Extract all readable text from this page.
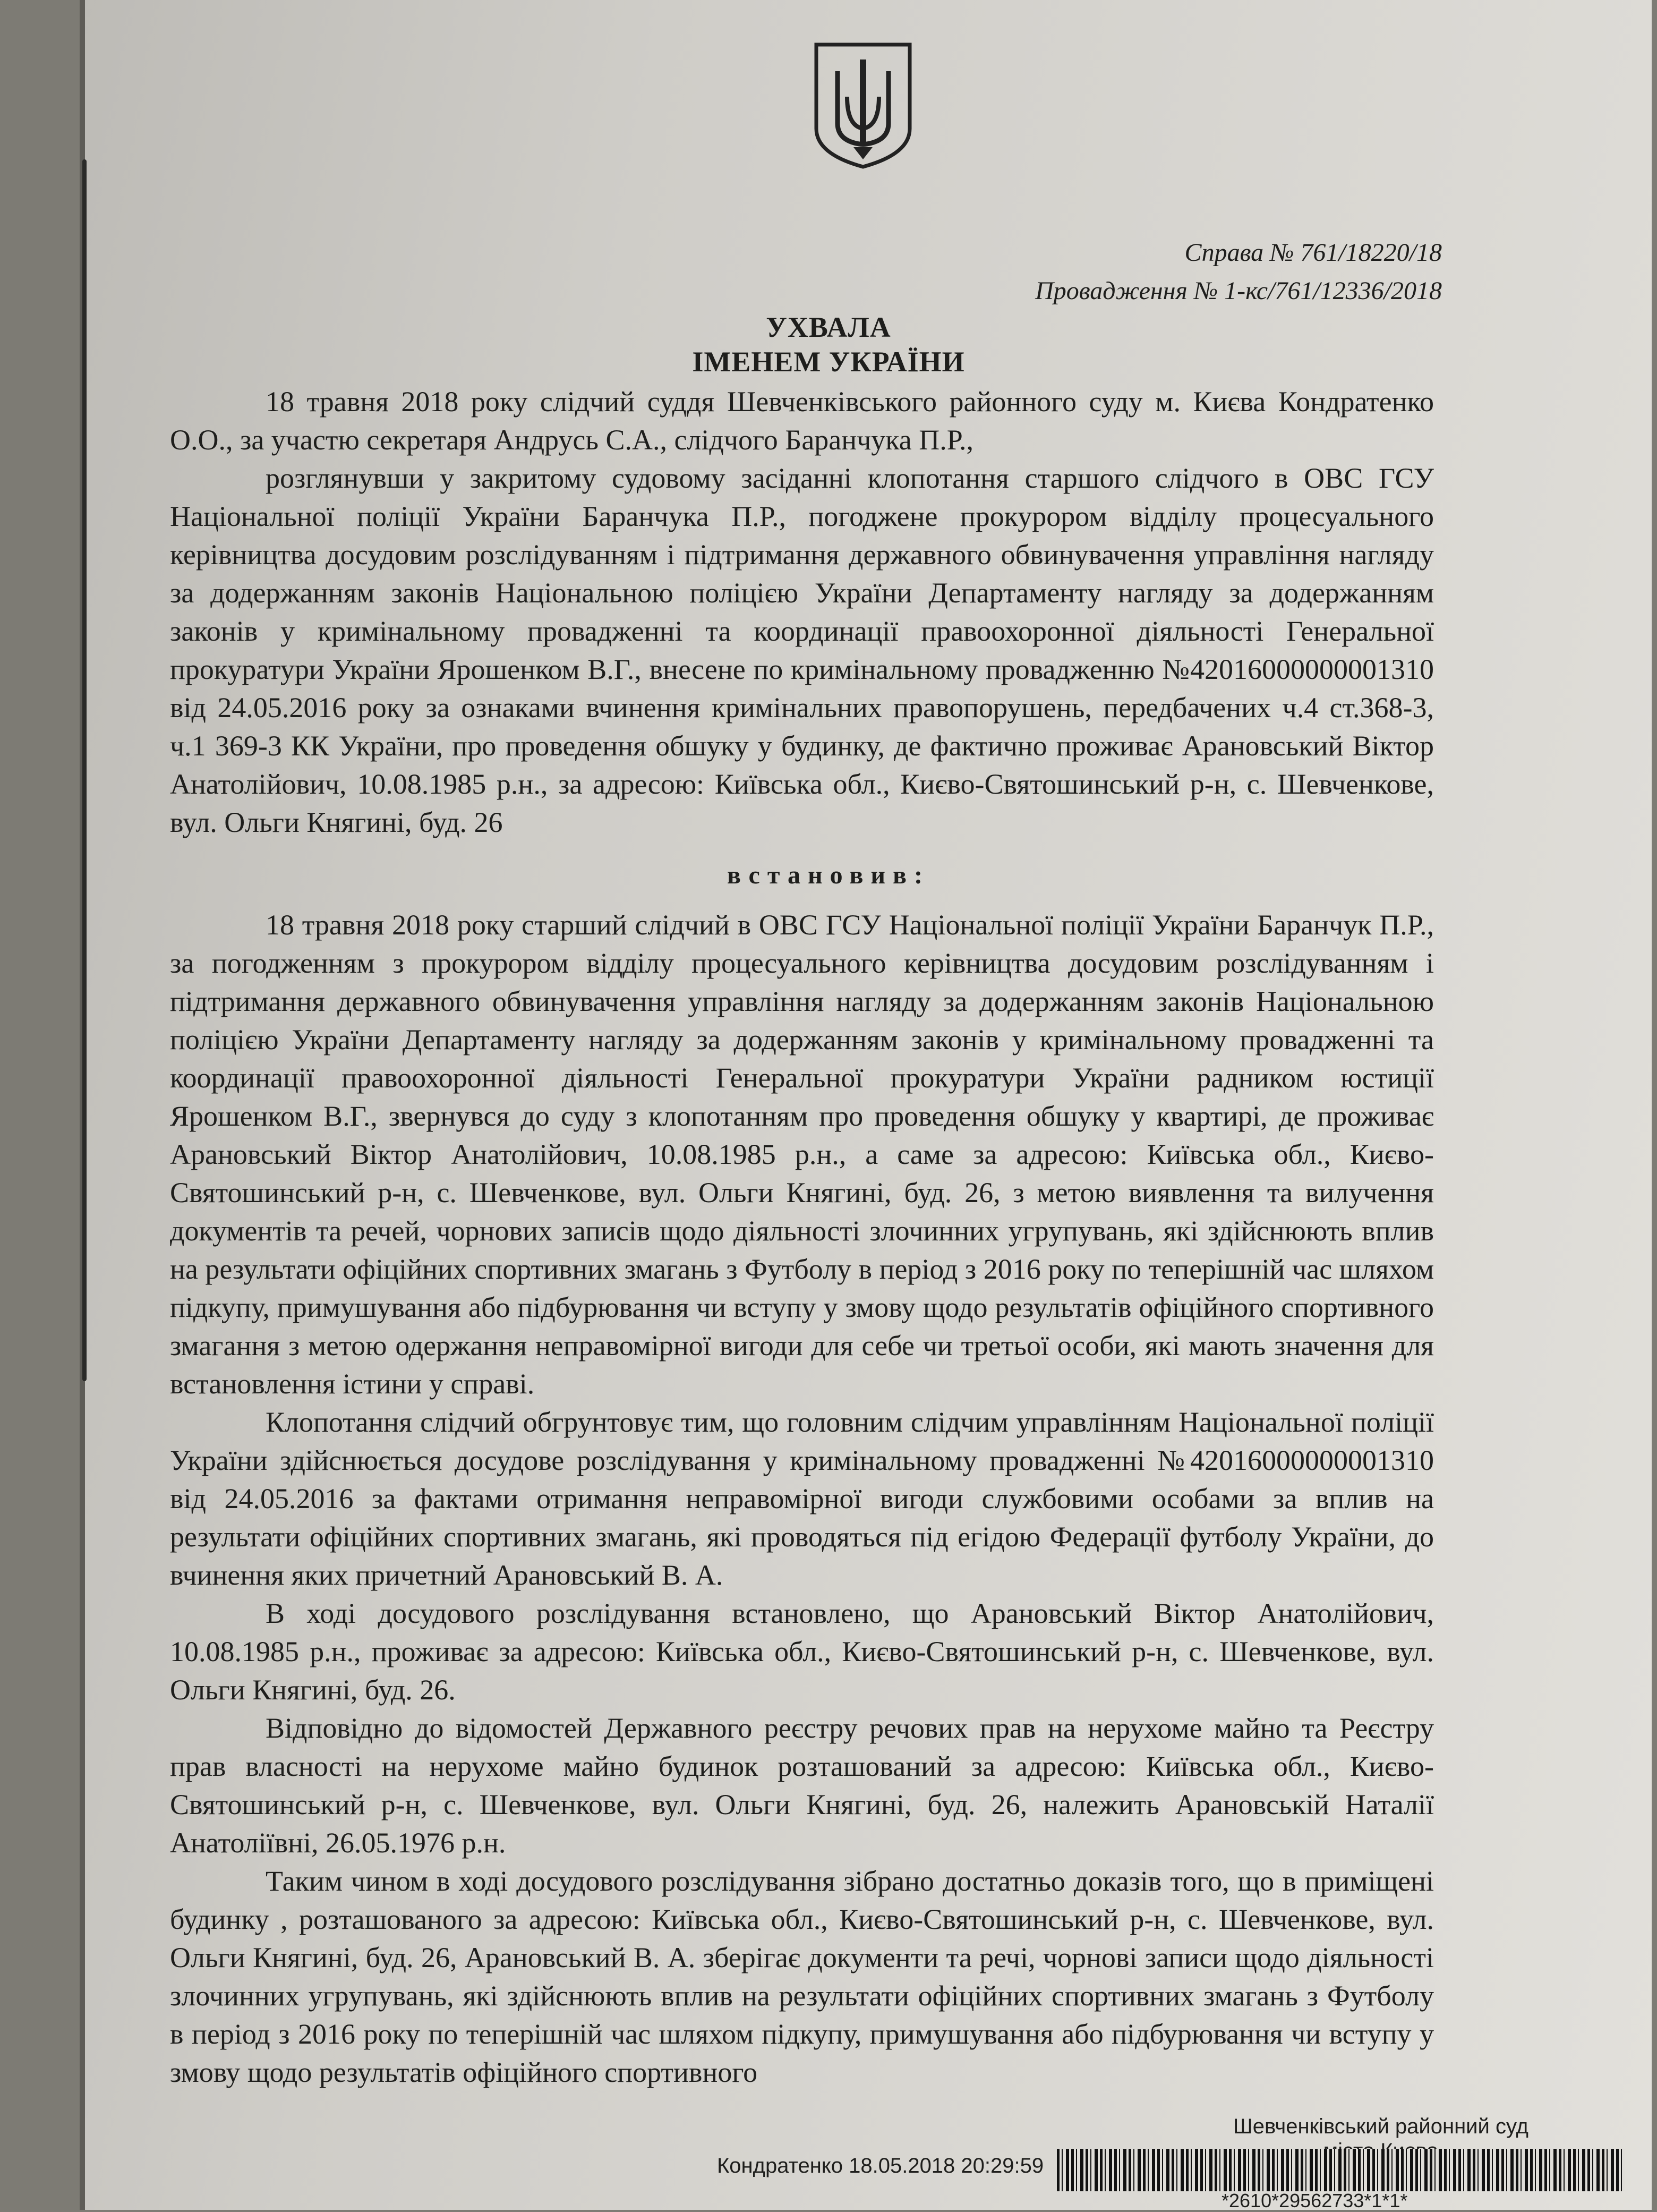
Справа № 761/18220/18
Провадження № 1-кс/761/12336/2018
УХВАЛА
ІМЕНЕМ УКРАЇНИ

18 травня 2018 року слідчий суддя Шевченківського районного суду м. Києва Кондратенко О.О., за участю секретаря Андрусь С.А., слідчого Баранчука П.Р.,

розглянувши у закритому судовому засіданні клопотання старшого слідчого в ОВС ГСУ Національної поліції України Баранчука П.Р., погоджене прокурором відділу процесуального керівництва досудовим розслідуванням і підтримання державного обвинувачення управління нагляду за додержанням законів Національною поліцією України Департаменту нагляду за додержанням законів у кримінальному провадженні та координації правоохоронної діяльності Генеральної прокуратури України Ярошенком В.Г., внесене по кримінальному провадженню №42016000000001310 від 24.05.2016 року за ознаками вчинення кримінальних правопорушень, передбачених ч.4 ст.368-3, ч.1 369-3 КК України, про проведення обшуку у будинку, де фактично проживає Арановський Віктор Анатолійович, 10.08.1985 р.н., за адресою: Київська обл., Києво-Святошинський р-н, с. Шевченкове, вул. Ольги Княгині, буд. 26

встановив:

18 травня 2018 року старший слідчий в ОВС ГСУ Національної поліції України Баранчук П.Р., за погодженням з прокурором відділу процесуального керівництва досудовим розслідуванням і підтримання державного обвинувачення управління нагляду за додержанням законів Національною поліцією України Департаменту нагляду за додержанням законів у кримінальному провадженні та координації правоохоронної діяльності Генеральної прокуратури України радником юстиції Ярошенком В.Г., звернувся до суду з клопотанням про проведення обшуку у квартирі, де проживає Арановський Віктор Анатолійович, 10.08.1985 р.н., а саме за адресою: Київська обл., Києво-Святошинський р-н, с. Шевченкове, вул. Ольги Княгині, буд. 26, з метою виявлення та вилучення документів та речей, чорнових записів щодо діяльності злочинних угрупувань, які здійснюють вплив на результати офіційних спортивних змагань з Футболу в період з 2016 року по теперішній час шляхом підкупу, примушування або підбурювання чи вступу у змову щодо результатів офіційного спортивного змагання з метою одержання неправомірної вигоди для себе чи третьої особи, які мають значення для встановлення істини у справі.

Клопотання слідчий обгрунтовує тим, що головним слідчим управлінням Національної поліції України здійснюється досудове розслідування у кримінальному провадженні №42016000000001310 від 24.05.2016 за фактами отримання неправомірної вигоди службовими особами за вплив на результати офіційних спортивних змагань, які проводяться під егідою Федерації футболу України, до вчинення яких причетний Арановський В. А.

В ході досудового розслідування встановлено, що Арановський Віктор Анатолійович, 10.08.1985 р.н., проживає за адресою: Київська обл., Києво-Святошинський р-н, с. Шевченкове, вул. Ольги Княгині, буд. 26.

Відповідно до відомостей Державного реєстру речових прав на нерухоме майно та Реєстру прав власності на нерухоме майно будинок розташований за адресою: Київська обл., Києво-Святошинський р-н, с. Шевченкове, вул. Ольги Княгині, буд. 26, належить Арановській Наталії Анатоліївні, 26.05.1976 р.н.

Таким чином в ході досудового розслідування зібрано достатньо доказів того, що в приміщені будинку , розташованого за адресою: Київська обл., Києво-Святошинський р-н, с. Шевченкове, вул. Ольги Княгині, буд. 26, Арановський В. А. зберігає документи та речі, чорнові записи щодо діяльності злочинних угрупувань, які здійснюють вплив на результати офіційних спортивних змагань з Футболу в період з 2016 року по теперішній час шляхом підкупу, примушування або підбурювання чи вступу у змову щодо результатів офіційного спортивного

Шевченківський районний суд
Кондратенко 18.05.2018 20:29:59
*2610*29562733*1*1*
